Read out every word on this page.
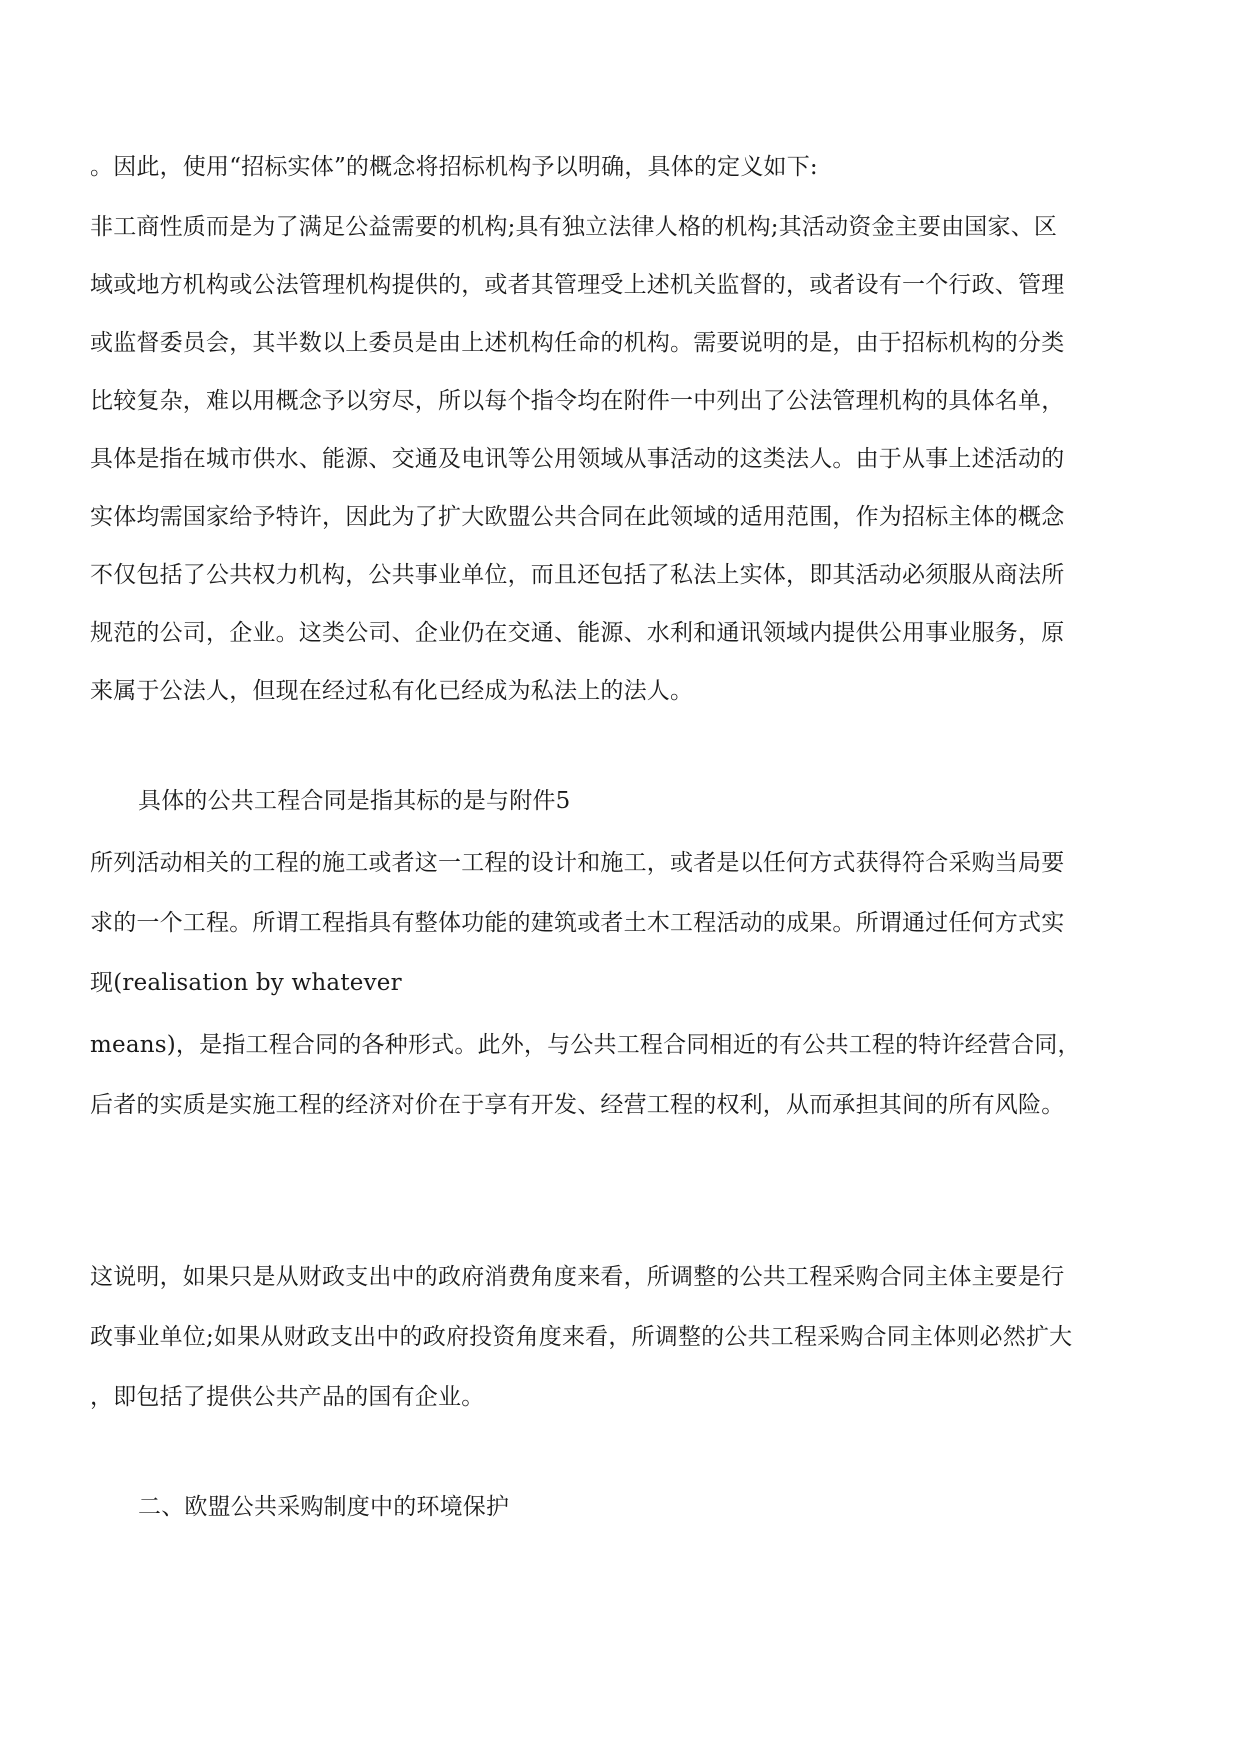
。因此，使用“招标实体”的概念将招标机构予以明确，具体的定义如下:
非工商性质而是为了满足公益需要的机构;具有独立法律人格的机构;其活动资金主要由国家、区
域或地方机构或公法管理机构提供的，或者其管理受上述机关监督的，或者设有一个行政、管理
或监督委员会，其半数以上委员是由上述机构任命的机构。需要说明的是，由于招标机构的分类
比较复杂，难以用概念予以穷尽，所以每个指令均在附件一中列出了公法管理机构的具体名单，
具体是指在城市供水、能源、交通及电讯等公用领域从事活动的这类法人。由于从事上述活动的
实体均需国家给予特许，因此为了扩大欧盟公共合同在此领域的适用范围，作为招标主体的概念
不仅包括了公共权力机构，公共事业单位，而且还包括了私法上实体，即其活动必须服从商法所
规范的公司，企业。这类公司、企业仍在交通、能源、水利和通讯领域内提供公用事业服务，原
来属于公法人，但现在经过私有化已经成为私法上的法人。
具体的公共工程合同是指其标的是与附件5
所列活动相关的工程的施工或者这一工程的设计和施工，或者是以任何方式获得符合采购当局要
求的一个工程。所谓工程指具有整体功能的建筑或者土木工程活动的成果。所谓通过任何方式实
现(realisation by whatever
means)，是指工程合同的各种形式。此外，与公共工程合同相近的有公共工程的特许经营合同，
后者的实质是实施工程的经济对价在于享有开发、经营工程的权利，从而承担其间的所有风险。
这说明，如果只是从财政支出中的政府消费角度来看，所调整的公共工程采购合同主体主要是行
政事业单位;如果从财政支出中的政府投资角度来看，所调整的公共工程采购合同主体则必然扩大
，即包括了提供公共产品的国有企业。
二、欧盟公共采购制度中的环境保护
